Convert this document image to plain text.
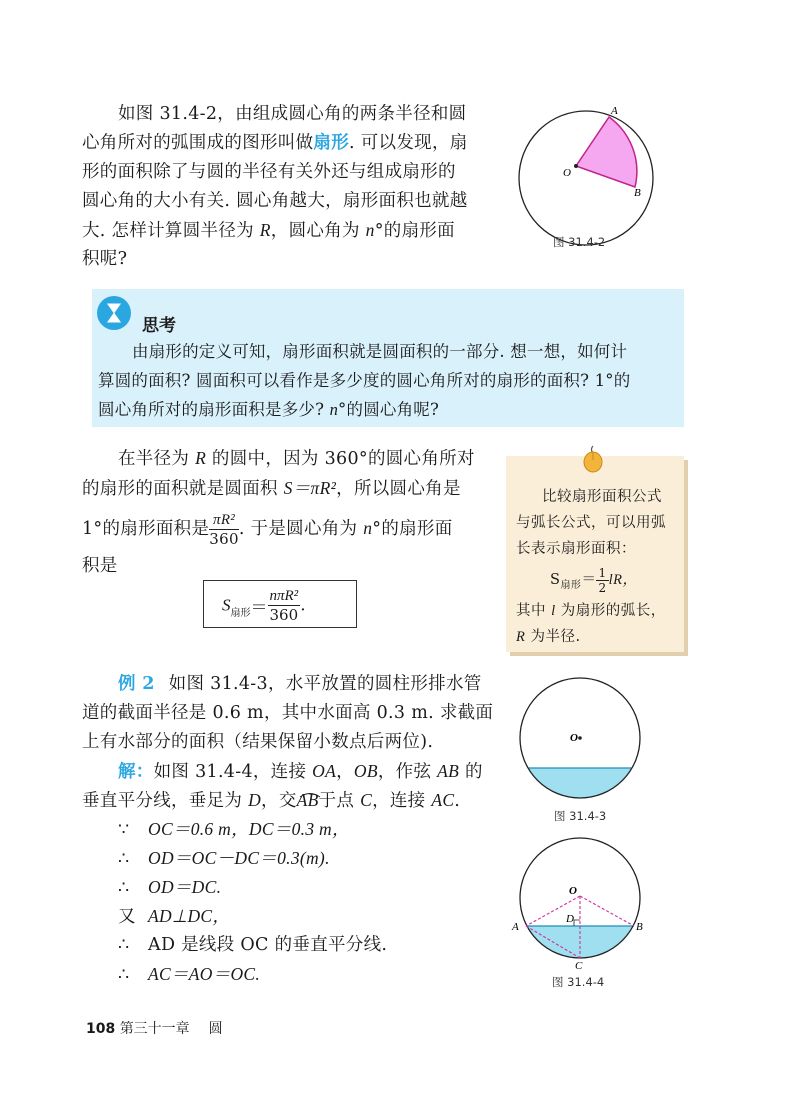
如图 31.4-2，由组成圆心角的两条半径和圆
心角所对的弧围成的图形叫做扇形. 可以发现，扇
形的面积除了与圆的半径有关外还与组成扇形的
圆心角的大小有关. 圆心角越大，扇形面积也就越
大. 怎样计算圆半径为 R，圆心角为 n°的扇形面
积呢?
A
B
O
图 31.4-2
思考
由扇形的定义可知，扇形面积就是圆面积的一部分. 想一想，如何计
算圆的面积? 圆面积可以看作是多少度的圆心角所对的扇形的面积? 1°的
圆心角所对的扇形面积是多少? n°的圆心角呢?
在半径为 R 的圆中，因为 360°的圆心角所对
的扇形的面积就是圆面积 S＝πR²，所以圆心角是
1°的扇形面积是 $\frac{\text{πR²}}{360}$ . 于是圆心角为 n°的扇形面
积是
$S_{扇形}= \frac{\text{nπR²}}{360}$ .
比较扇形面积公式
与弧长公式，可以用弧
长表示扇形面积：
$S_{扇形}= \frac{1}{2}$ lR，
其中 l 为扇形的弧长，
R 为半径.
例 2 如图 31.4-3，水平放置的圆柱形排水管
道的截面半径是 0.6 m，其中水面高 0.3 m. 求截面
上有水部分的面积（结果保留小数点后两位).
解：如图 31.4-4，连接 OA，OB，作弦 AB 的
垂直平分线，垂足为 D，交
AB于点 C，连接 AC.
∵ OC＝0.6 m，DC＝0.3 m，
∴ OD＝OC－DC＝0.3(m).
∴ OD＝DC.
又 AD⊥DC，
∴ AD 是线段 OC 的垂直平分线.
∴ AC＝AO＝OC.
O
图 31.4-3
O
A	B
D
C
图 31.4-4
108 第三十一章 圆
